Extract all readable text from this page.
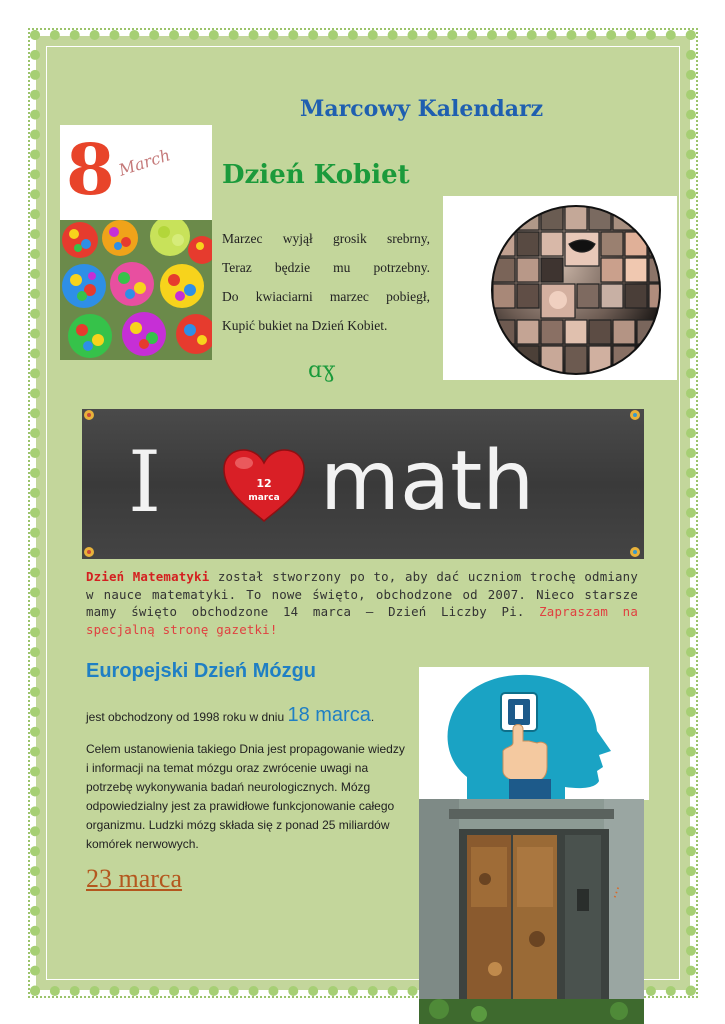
Marcowy Kalendarz
8 March Dzień Kobiet
Marzec wyjął grosik srebrny,
Teraz będzie mu potrzebny.
Do kwiaciarni marzec pobiegł,
Kupić bukiet na Dzień Kobiet.
ɑɣ
I	12
marca math

Dzień Matematyki został stworzony po to, aby dać uczniom trochę odmiany w nauce matematyki. To nowe święto, obchodzone od 2007. Nieco starsze mamy święto obchodzone 14 marca – Dzień Liczby Pi. Zapraszam na specjalną stronę gazetki!

Europejski Dzień Mózgu

jest obchodzony od 1998 roku w dniu 18 marca.

Celem ustanowienia takiego Dnia jest propagowanie wiedzy i informacji na temat mózgu oraz zwrócenie uwagi na potrzebę wykonywania badań neurologicznych. Mózg odpowiedzialny jest za prawidłowe funkcjonowanie całego organizmu. Ludzki mózg składa się z ponad 25 miliardów komórek nerwowych.

...
23 marca
